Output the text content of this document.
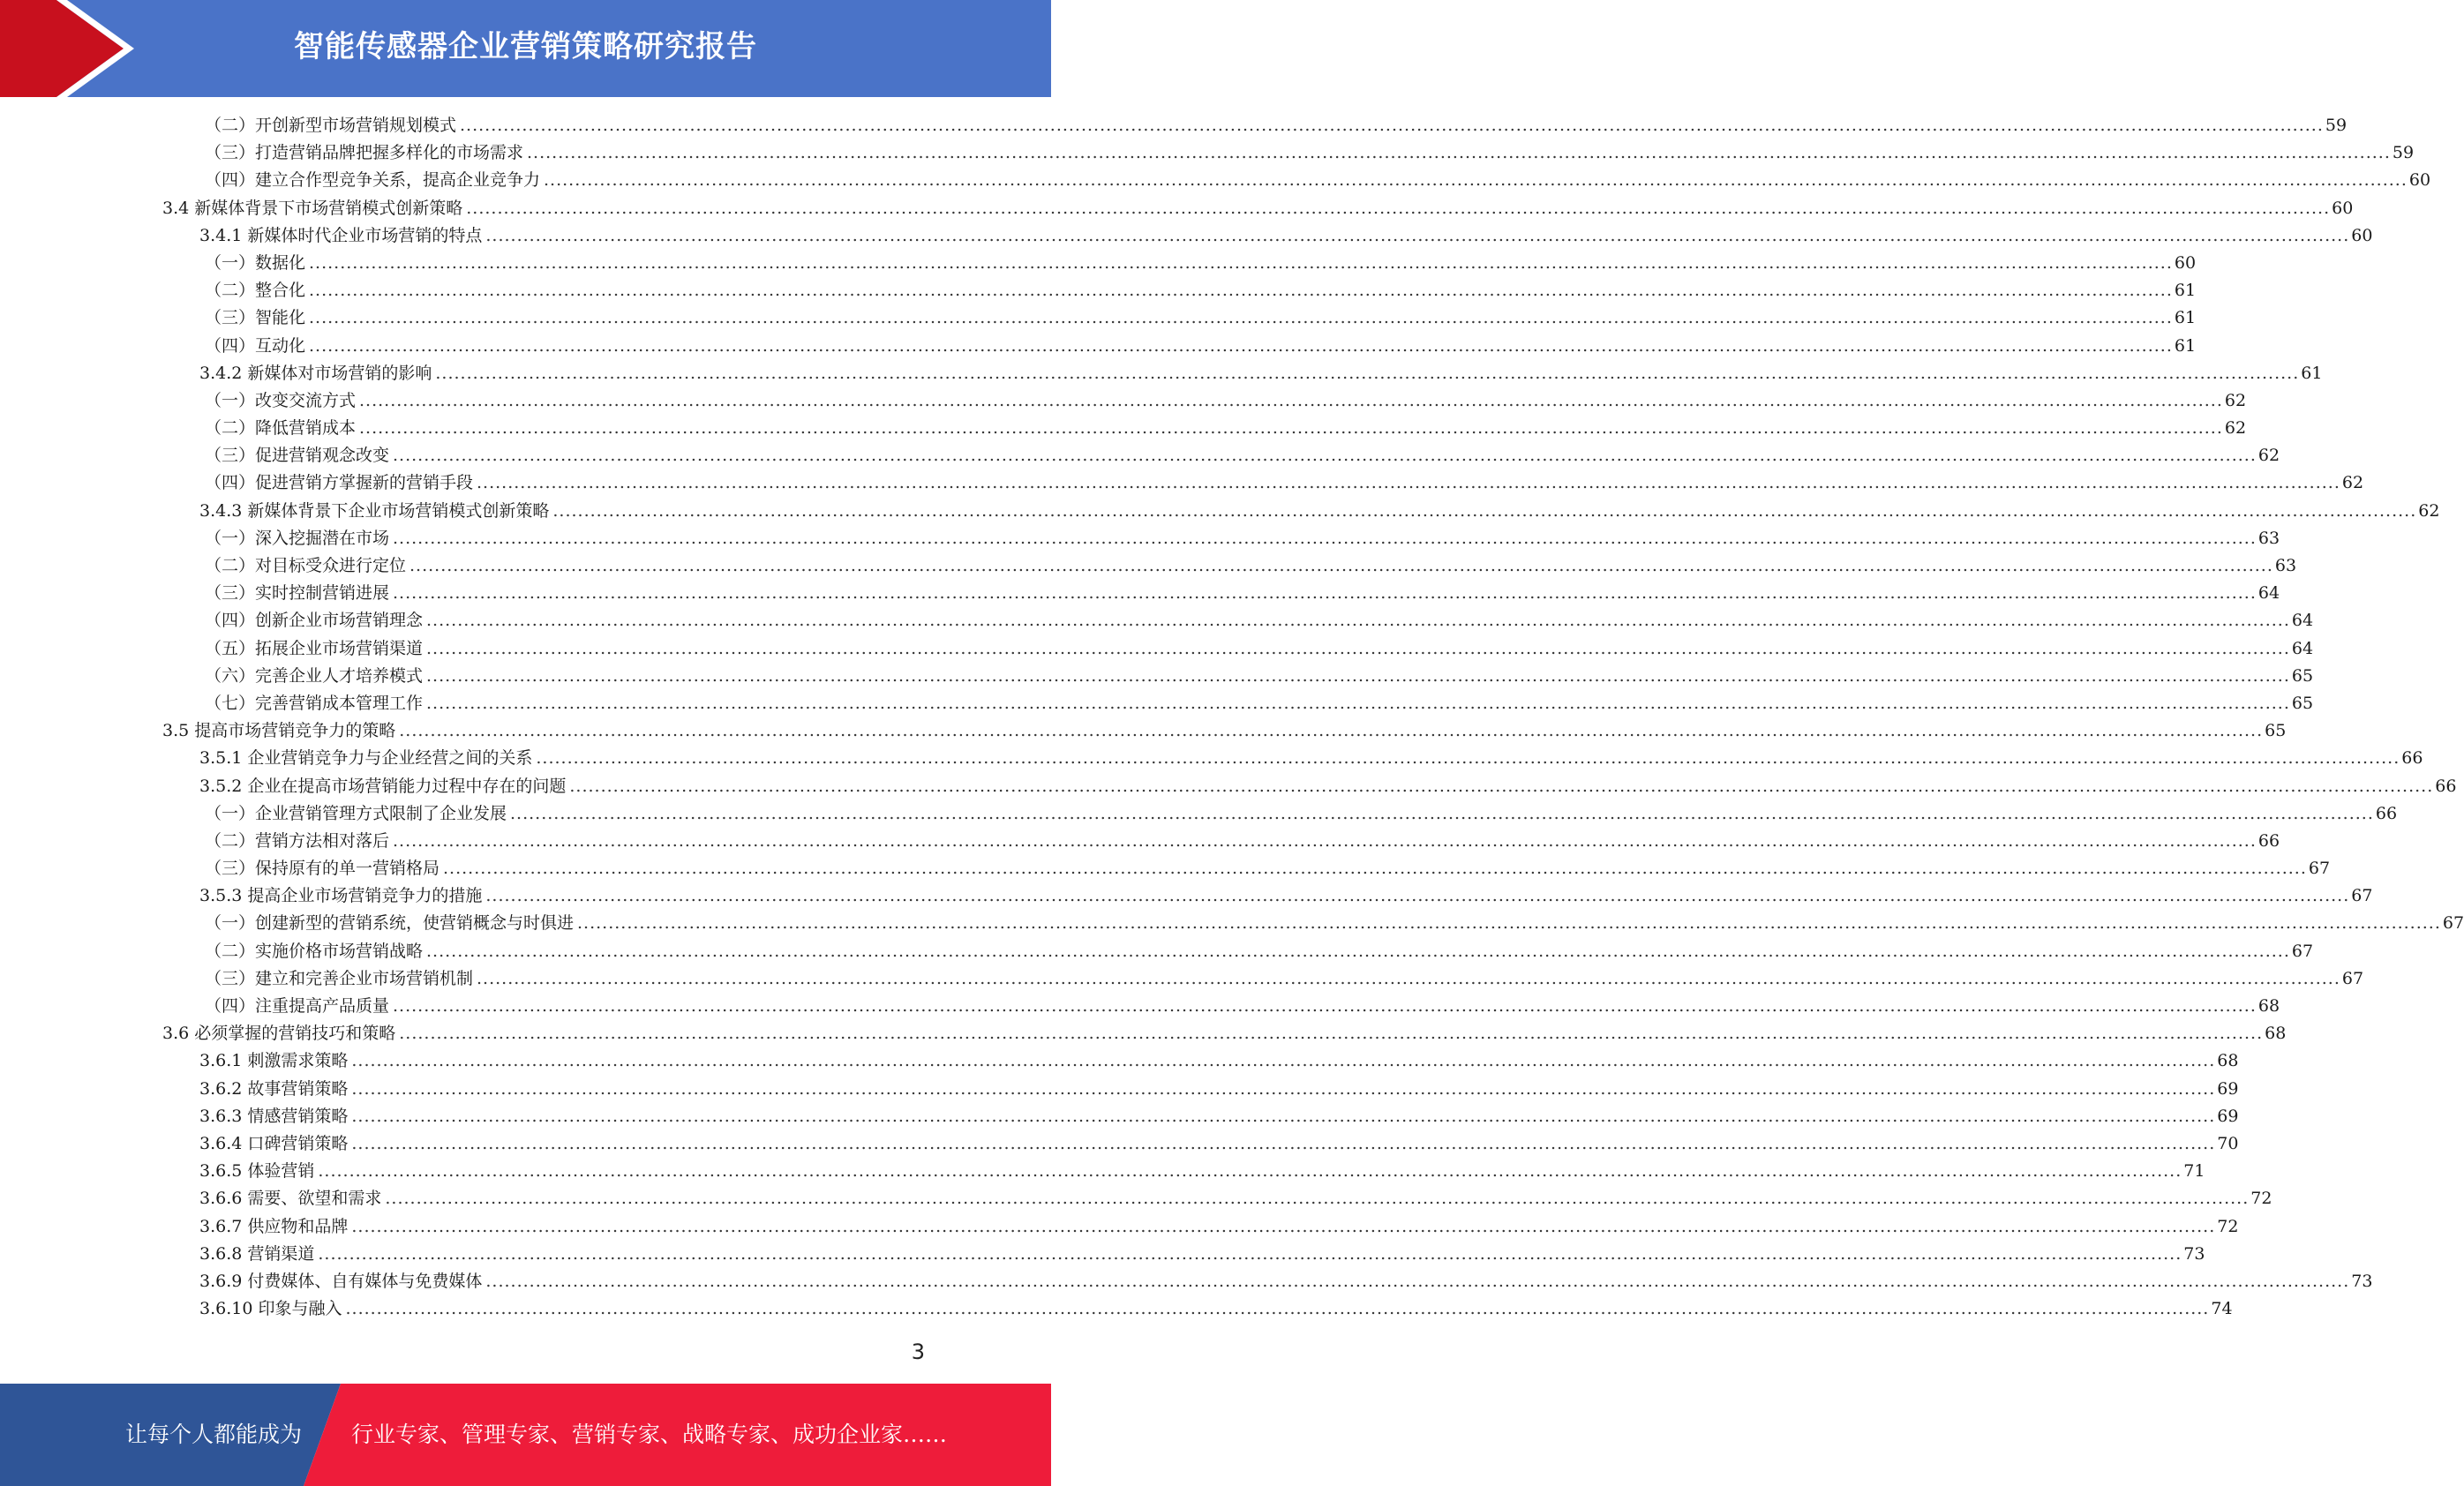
智能传感器企业营销策略研究报告
（二）开创新型市场营销规划模式 ............................................................................................................................................................................................................................................................................................................ 59
（三）打造营销品牌把握多样化的市场需求 ............................................................................................................................................................................................................................................................................................................ 59
（四）建立合作型竞争关系，提高企业竞争力 ............................................................................................................................................................................................................................................................................................................ 60
3.4 新媒体背景下市场营销模式创新策略 ............................................................................................................................................................................................................................................................................................................ 60
3.4.1 新媒体时代企业市场营销的特点 ............................................................................................................................................................................................................................................................................................................ 60
（一）数据化 ............................................................................................................................................................................................................................................................................................................ 60
（二）整合化 ............................................................................................................................................................................................................................................................................................................ 61
（三）智能化 ............................................................................................................................................................................................................................................................................................................ 61
（四）互动化 ............................................................................................................................................................................................................................................................................................................ 61
3.4.2 新媒体对市场营销的影响 ............................................................................................................................................................................................................................................................................................................ 61
（一）改变交流方式 ............................................................................................................................................................................................................................................................................................................ 62
（二）降低营销成本 ............................................................................................................................................................................................................................................................................................................ 62
（三）促进营销观念改变 ............................................................................................................................................................................................................................................................................................................ 62
（四）促进营销方掌握新的营销手段 ............................................................................................................................................................................................................................................................................................................ 62
3.4.3 新媒体背景下企业市场营销模式创新策略 ............................................................................................................................................................................................................................................................................................................ 62
（一）深入挖掘潜在市场 ............................................................................................................................................................................................................................................................................................................ 63
（二）对目标受众进行定位 ............................................................................................................................................................................................................................................................................................................ 63
（三）实时控制营销进展 ............................................................................................................................................................................................................................................................................................................ 64
（四）创新企业市场营销理念 ............................................................................................................................................................................................................................................................................................................ 64
（五）拓展企业市场营销渠道 ............................................................................................................................................................................................................................................................................................................ 64
（六）完善企业人才培养模式 ............................................................................................................................................................................................................................................................................................................ 65
（七）完善营销成本管理工作 ............................................................................................................................................................................................................................................................................................................ 65
3.5 提高市场营销竞争力的策略 ............................................................................................................................................................................................................................................................................................................ 65
3.5.1 企业营销竞争力与企业经营之间的关系 ............................................................................................................................................................................................................................................................................................................ 66
3.5.2 企业在提高市场营销能力过程中存在的问题 ............................................................................................................................................................................................................................................................................................................ 66
（一）企业营销管理方式限制了企业发展 ............................................................................................................................................................................................................................................................................................................ 66
（二）营销方法相对落后 ............................................................................................................................................................................................................................................................................................................ 66
（三）保持原有的单一营销格局 ............................................................................................................................................................................................................................................................................................................ 67
3.5.3 提高企业市场营销竞争力的措施 ............................................................................................................................................................................................................................................................................................................ 67
（一）创建新型的营销系统，使营销概念与时俱进 ............................................................................................................................................................................................................................................................................................................ 67
（二）实施价格市场营销战略 ............................................................................................................................................................................................................................................................................................................ 67
（三）建立和完善企业市场营销机制 ............................................................................................................................................................................................................................................................................................................ 67
（四）注重提高产品质量 ............................................................................................................................................................................................................................................................................................................ 68
3.6 必须掌握的营销技巧和策略 ............................................................................................................................................................................................................................................................................................................ 68
3.6.1 刺激需求策略 ............................................................................................................................................................................................................................................................................................................ 68
3.6.2 故事营销策略 ............................................................................................................................................................................................................................................................................................................ 69
3.6.3 情感营销策略 ............................................................................................................................................................................................................................................................................................................ 69
3.6.4 口碑营销策略 ............................................................................................................................................................................................................................................................................................................ 70
3.6.5 体验营销 ............................................................................................................................................................................................................................................................................................................ 71
3.6.6 需要、欲望和需求 ............................................................................................................................................................................................................................................................................................................ 72
3.6.7 供应物和品牌 ............................................................................................................................................................................................................................................................................................................ 72
3.6.8 营销渠道 ............................................................................................................................................................................................................................................................................................................ 73
3.6.9 付费媒体、自有媒体与免费媒体 ............................................................................................................................................................................................................................................................................................................ 73
3.6.10 印象与融入 ............................................................................................................................................................................................................................................................................................................ 74
3
让每个人都能成为 行业专家、管理专家、营销专家、战略专家、成功企业家……
